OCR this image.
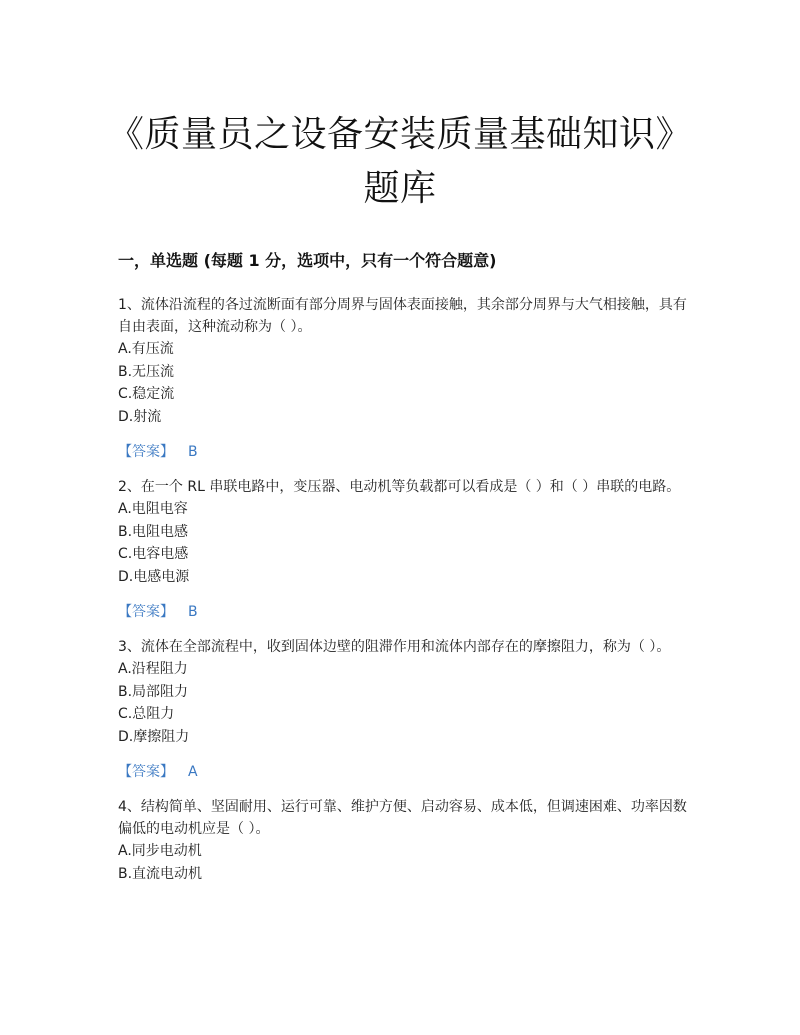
《质量员之设备安装质量基础知识》
题库
一，单选题 (每题 1 分，选项中，只有一个符合题意)

1、流体沿流程的各过流断面有部分周界与固体表面接触，其余部分周界与大气相接触，具有自由表面，这种流动称为（ ）。

A.有压流

B.无压流

C.稳定流

D.射流

【答案】 B

2、在一个 RL 串联电路中，变压器、电动机等负载都可以看成是（ ）和（ ）串联的电路。

A.电阻电容

B.电阻电感

C.电容电感

D.电感电源

【答案】 B

3、流体在全部流程中，收到固体边壁的阻滞作用和流体内部存在的摩擦阻力，称为（ ）。

A.沿程阻力

B.局部阻力

C.总阻力

D.摩擦阻力

【答案】 A

4、结构简单、坚固耐用、运行可靠、维护方便、启动容易、成本低，但调速困难、功率因数偏低的电动机应是（ ）。

A.同步电动机

B.直流电动机
